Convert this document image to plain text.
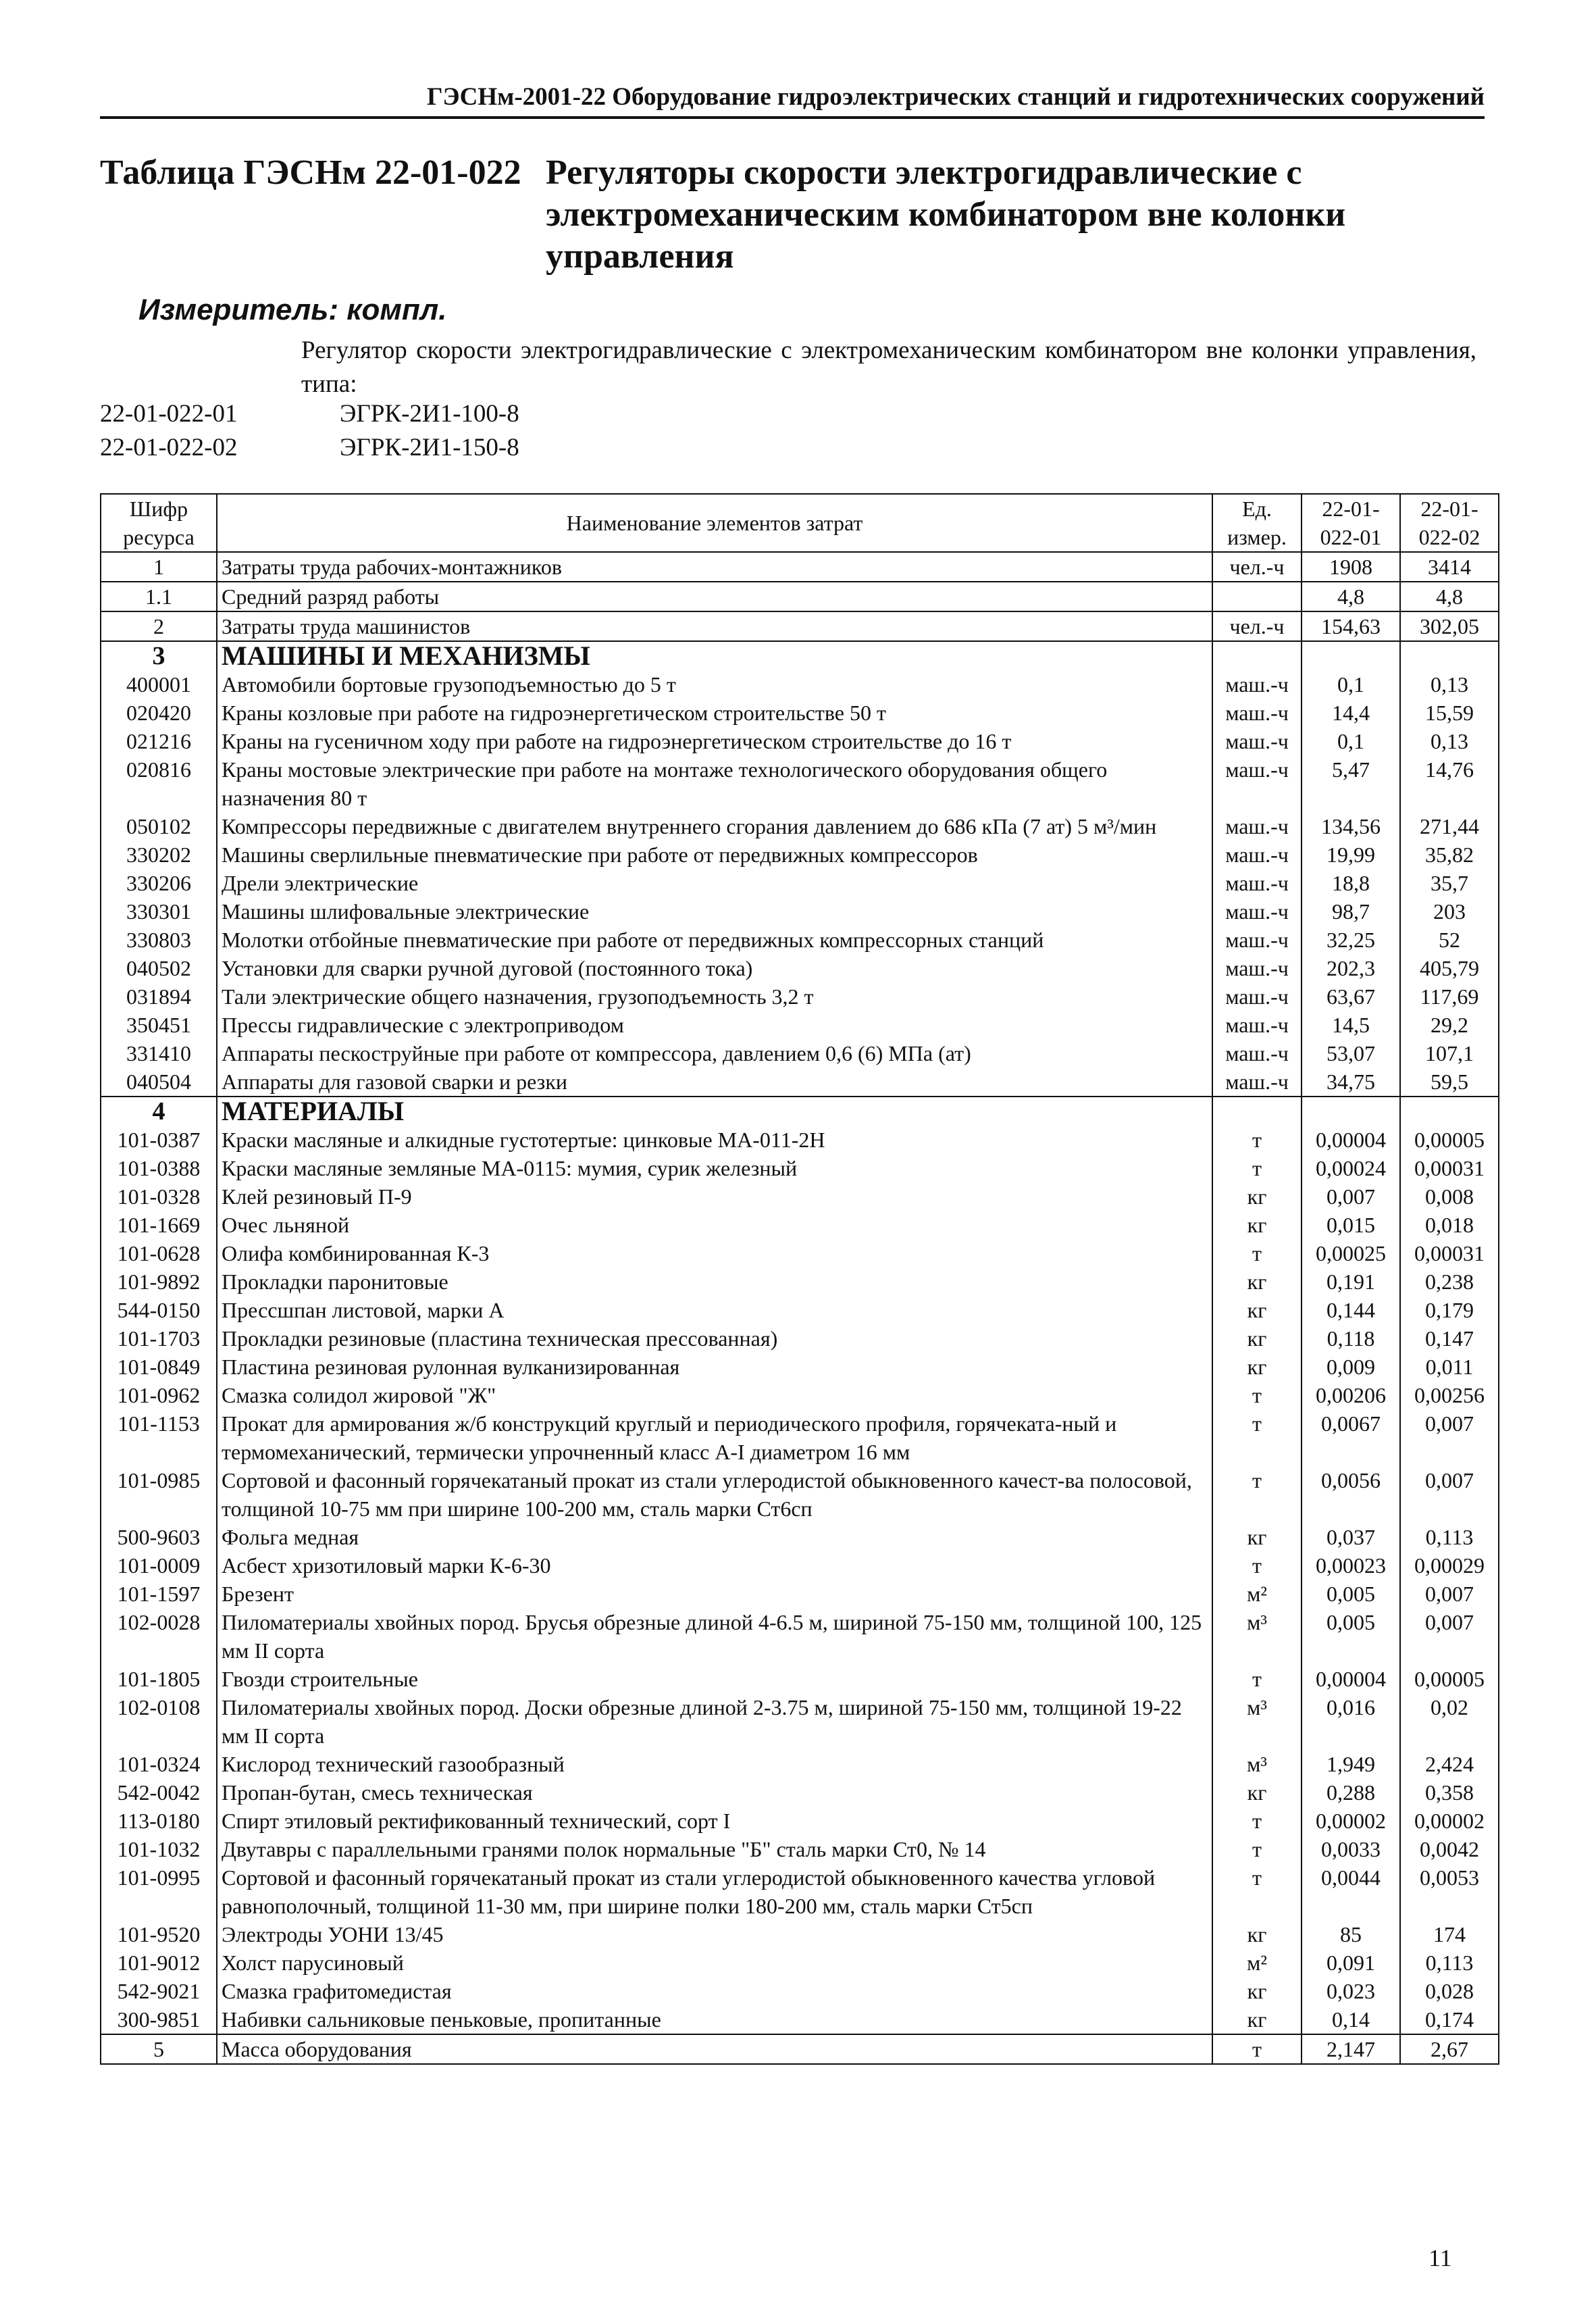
ГЭСНм-2001-22 Оборудование гидроэлектрических станций и гидротехнических сооружений
Таблица ГЭСНм 22-01-022 Регуляторы скорости электрогидравлические с электромеханическим комбинатором вне колонки управления
Измеритель: компл.
Регулятор скорости электрогидравлические с электромеханическим комбинатором вне колонки управления, типа:
22-01-022-01	ЭГРК-2И1-100-8
22-01-022-02	ЭГРК-2И1-150-8
Шифр ресурса	Наименование элементов затрат	Ед. измер.	22-01-022-01	22-01-022-02
1	Затраты труда рабочих-монтажников	чел.-ч	1908	3414
1.1	Средний разряд работы		4,8	4,8
2	Затраты труда машинистов	чел.-ч	154,63	302,05
3	МАШИНЫ И МЕХАНИЗМЫ			
400001	Автомобили бортовые грузоподъемностью до 5 т	маш.-ч	0,1	0,13
020420	Краны козловые при работе на гидроэнергетическом строительстве 50 т	маш.-ч	14,4	15,59
021216	Краны на гусеничном ходу при работе на гидроэнергетическом строительстве до 16 т	маш.-ч	0,1	0,13
020816	Краны мостовые электрические при работе на монтаже технологического оборудования общего назначения 80 т	маш.-ч	5,47	14,76
050102	Компрессоры передвижные с двигателем внутреннего сгорания давлением до 686 кПа (7 ат) 5 м³/мин	маш.-ч	134,56	271,44
330202	Машины сверлильные пневматические при работе от передвижных компрессоров	маш.-ч	19,99	35,82
330206	Дрели электрические	маш.-ч	18,8	35,7
330301	Машины шлифовальные электрические	маш.-ч	98,7	203
330803	Молотки отбойные пневматические при работе от передвижных компрессорных станций	маш.-ч	32,25	52
040502	Установки для сварки ручной дуговой (постоянного тока)	маш.-ч	202,3	405,79
031894	Тали электрические общего назначения, грузоподъемность 3,2 т	маш.-ч	63,67	117,69
350451	Прессы гидравлические с электроприводом	маш.-ч	14,5	29,2
331410	Аппараты пескоструйные при работе от компрессора, давлением 0,6 (6) МПа (ат)	маш.-ч	53,07	107,1
040504	Аппараты для газовой сварки и резки	маш.-ч	34,75	59,5
4	МАТЕРИАЛЫ			
101-0387	Краски масляные и алкидные густотертые: цинковые МА-011-2Н	т	0,00004	0,00005
101-0388	Краски масляные земляные МА-0115: мумия, сурик железный	т	0,00024	0,00031
101-0328	Клей резиновый П-9	кг	0,007	0,008
101-1669	Очес льняной	кг	0,015	0,018
101-0628	Олифа комбинированная К-3	т	0,00025	0,00031
101-9892	Прокладки паронитовые	кг	0,191	0,238
544-0150	Прессшпан листовой, марки А	кг	0,144	0,179
101-1703	Прокладки резиновые (пластина техническая прессованная)	кг	0,118	0,147
101-0849	Пластина резиновая рулонная вулканизированная	кг	0,009	0,011
101-0962	Смазка солидол жировой "Ж"	т	0,00206	0,00256
101-1153	Прокат для армирования ж/б конструкций круглый и периодического профиля, горячеката-ный и термомеханический, термически упрочненный класс А-I диаметром 16 мм	т	0,0067	0,007
101-0985	Сортовой и фасонный горячекатаный прокат из стали углеродистой обыкновенного качест-ва полосовой, толщиной 10-75 мм при ширине 100-200 мм, сталь марки Ст6сп	т	0,0056	0,007
500-9603	Фольга медная	кг	0,037	0,113
101-0009	Асбест хризотиловый марки К-6-30	т	0,00023	0,00029
101-1597	Брезент	м²	0,005	0,007
102-0028	Пиломатериалы хвойных пород. Брусья обрезные длиной 4-6.5 м, шириной 75-150 мм, толщиной 100, 125 мм II сорта	м³	0,005	0,007
101-1805	Гвозди строительные	т	0,00004	0,00005
102-0108	Пиломатериалы хвойных пород. Доски обрезные длиной 2-3.75 м, шириной 75-150 мм, толщиной 19-22 мм II сорта	м³	0,016	0,02
101-0324	Кислород технический газообразный	м³	1,949	2,424
542-0042	Пропан-бутан, смесь техническая	кг	0,288	0,358
113-0180	Спирт этиловый ректификованный технический, сорт I	т	0,00002	0,00002
101-1032	Двутавры с параллельными гранями полок нормальные "Б" сталь марки Ст0, № 14	т	0,0033	0,0042
101-0995	Сортовой и фасонный горячекатаный прокат из стали углеродистой обыкновенного качества угловой равнополочный, толщиной 11-30 мм, при ширине полки 180-200 мм, сталь марки Ст5сп	т	0,0044	0,0053
101-9520	Электроды УОНИ 13/45	кг	85	174
101-9012	Холст парусиновый	м²	0,091	0,113
542-9021	Смазка графитомедистая	кг	0,023	0,028
300-9851	Набивки сальниковые пеньковые, пропитанные	кг	0,14	0,174
5	Масса оборудования	т	2,147	2,67
11
